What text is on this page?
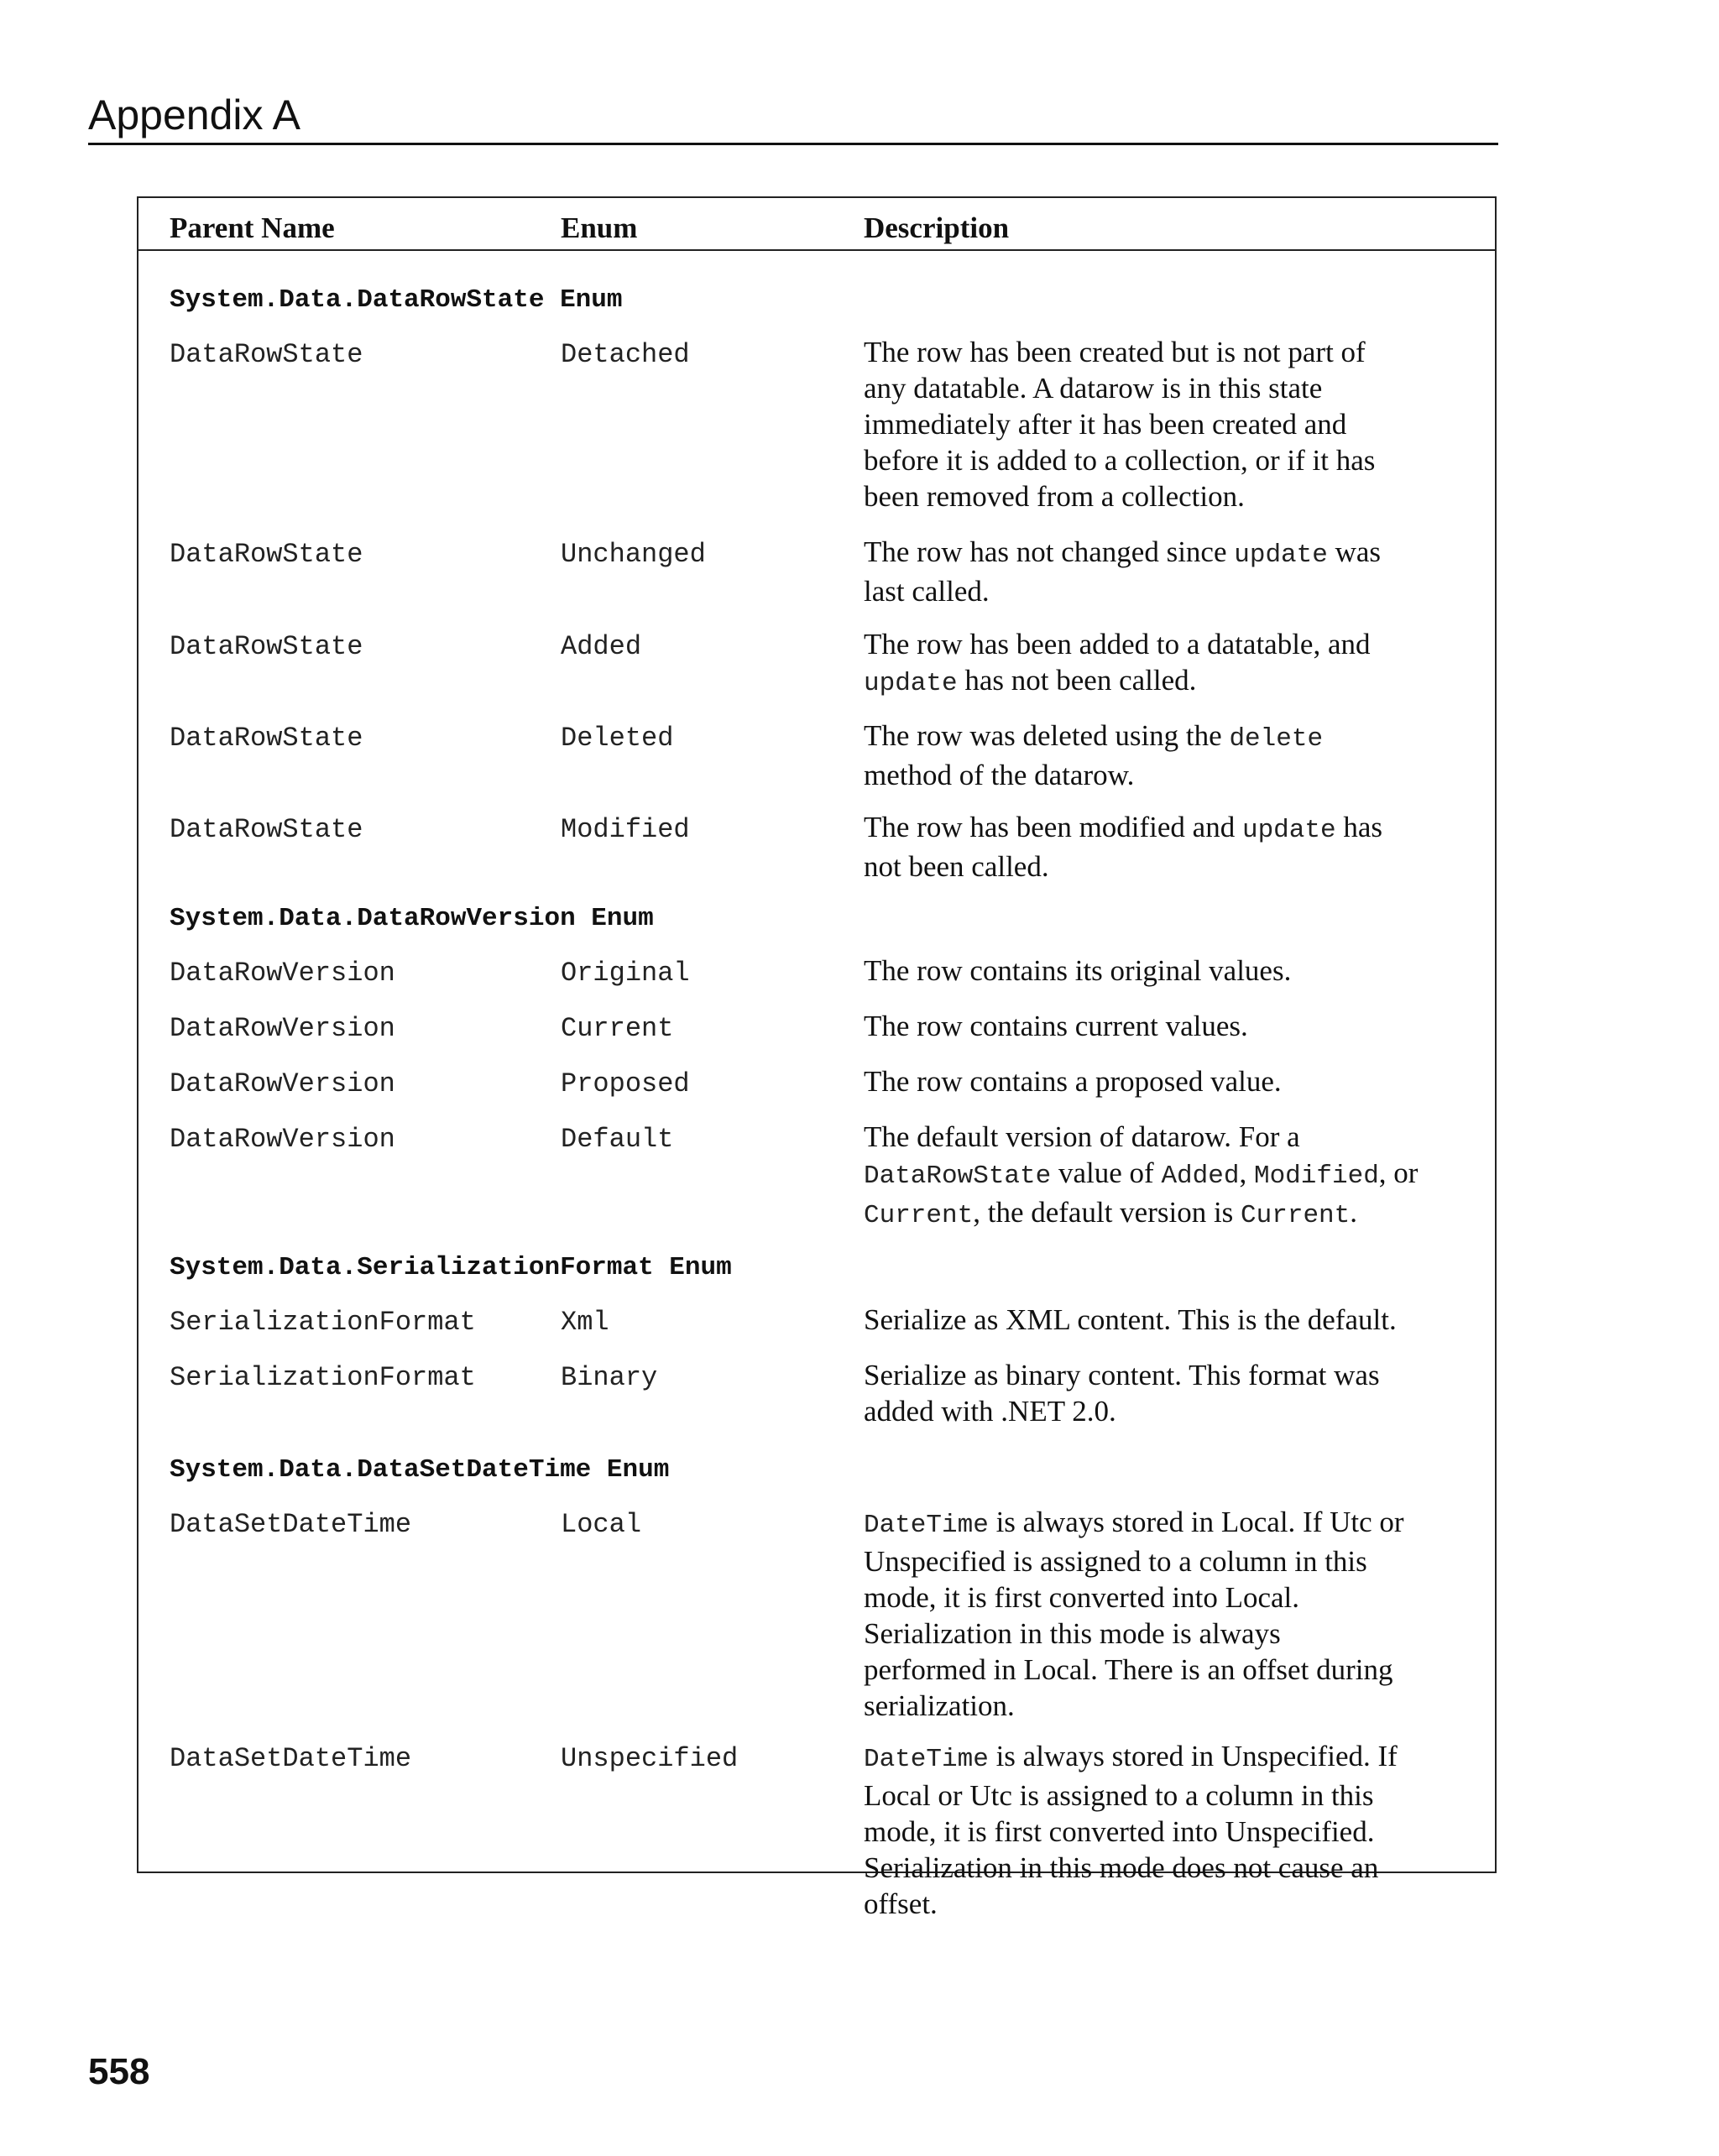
Appendix A
Parent Name	Enum	Description
System.Data.DataRowState Enum
DataRowState	Detached	The row has been created but is not part of
any datatable. A datarow is in this state
immediately after it has been created and
before it is added to a collection, or if it has
been removed from a collection.
DataRowState	Unchanged	The row has not changed since update was
last called.
DataRowState	Added	The row has been added to a datatable, and
update has not been called.
DataRowState	Deleted	The row was deleted using the delete
method of the datarow.
DataRowState	Modified	The row has been modified and update has
not been called.
System.Data.DataRowVersion Enum
DataRowVersion	Original	The row contains its original values.
DataRowVersion	Current	The row contains current values.
DataRowVersion	Proposed	The row contains a proposed value.
DataRowVersion	Default	The default version of datarow. For a
DataRowState value of Added, Modified, or
Current, the default version is Current.
System.Data.SerializationFormat Enum
SerializationFormat	Xml	Serialize as XML content. This is the default.
SerializationFormat	Binary	Serialize as binary content. This format was
added with .NET 2.0.
System.Data.DataSetDateTime Enum
DataSetDateTime	Local	DateTime is always stored in Local. If Utc or
Unspecified is assigned to a column in this
mode, it is first converted into Local.
Serialization in this mode is always
performed in Local. There is an offset during
serialization.
DataSetDateTime	Unspecified	DateTime is always stored in Unspecified. If
Local or Utc is assigned to a column in this
mode, it is first converted into Unspecified.
Serialization in this mode does not cause an
offset.
558
